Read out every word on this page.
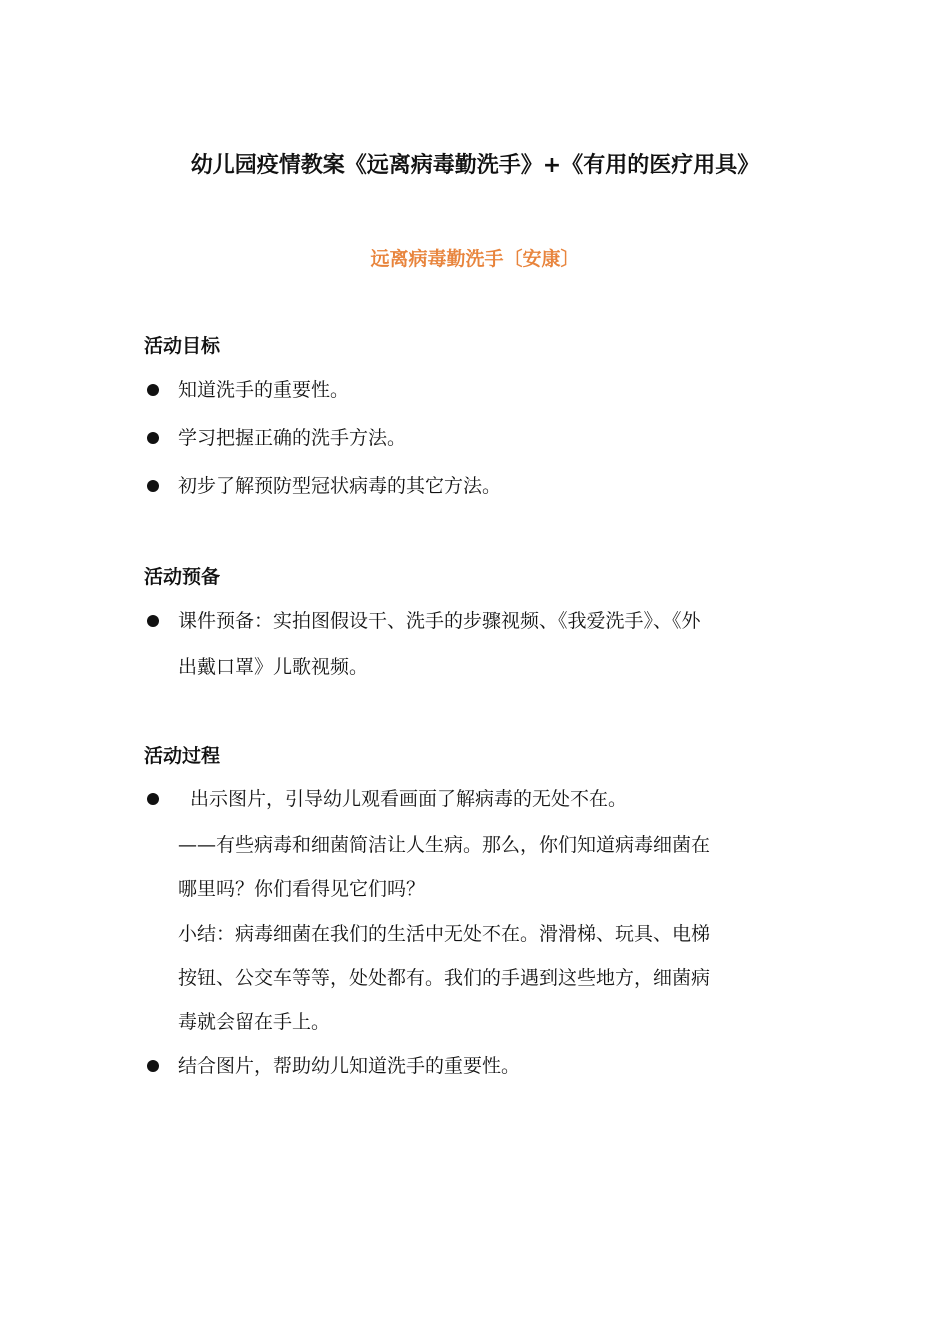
幼儿园疫情教案《远离病毒勤洗手》+《有用的医疗用具》
远离病毒勤洗手〔安康〕
活动目标
知道洗手的重要性。
学习把握正确的洗手方法。
初步了解预防型冠状病毒的其它方法。
活动预备
课件预备：实拍图假设干、洗手的步骤视频、《我爱洗手》、《外
出戴口罩》儿歌视频。
活动过程
出示图片，引导幼儿观看画面了解病毒的无处不在。
——有些病毒和细菌简洁让人生病。那么，你们知道病毒细菌在
哪里吗？你们看得见它们吗？
小结：病毒细菌在我们的生活中无处不在。滑滑梯、玩具、电梯
按钮、公交车等等，处处都有。我们的手遇到这些地方，细菌病
毒就会留在手上。
结合图片，帮助幼儿知道洗手的重要性。
